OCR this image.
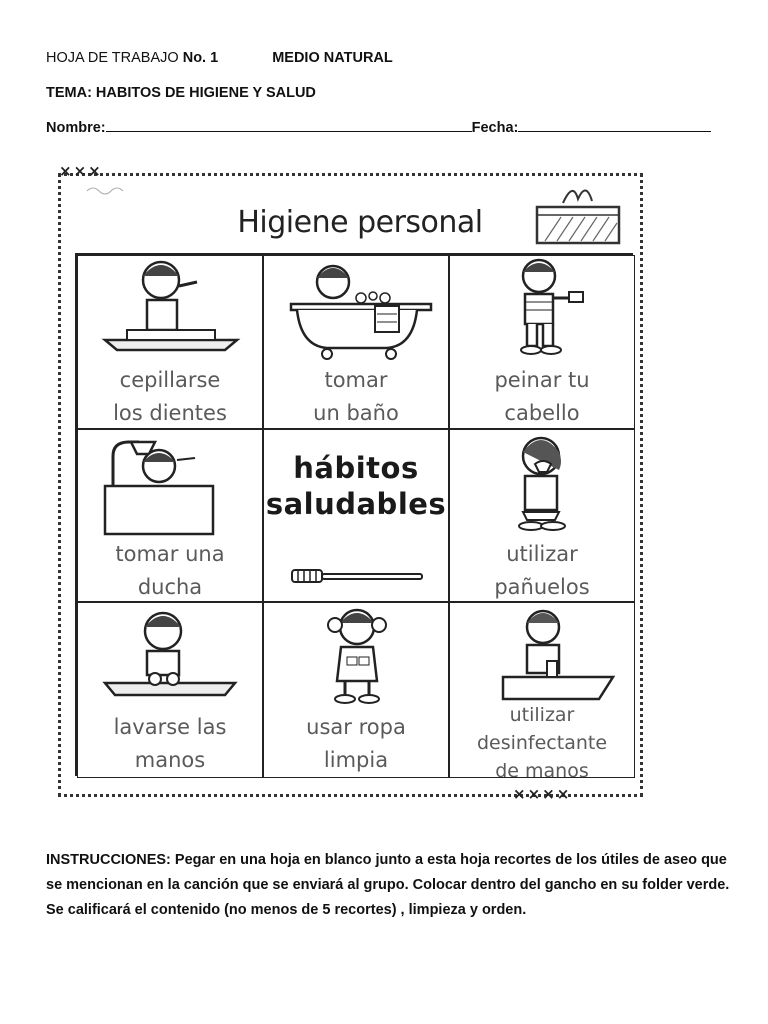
HOJA DE TRABAJO No. 1	MEDIO NATURAL
TEMA: HABITOS DE HIGIENE Y SALUD
Nombre:	Fecha:
×××
××××
Higiene personal
cepillarse
los dientes
tomar
un baño
peinar tu
cabello
tomar una
ducha
hábitos
saludables
utilizar
pañuelos
lavarse las
manos
usar ropa
limpia
utilizar
desinfectante
de manos
INSTRUCCIONES: Pegar en una hoja en blanco junto a esta hoja recortes de los útiles de aseo que se mencionan en la canción que se enviará al grupo. Colocar dentro del gancho en su folder verde. Se calificará el contenido (no menos de 5 recortes) , limpieza y orden.
